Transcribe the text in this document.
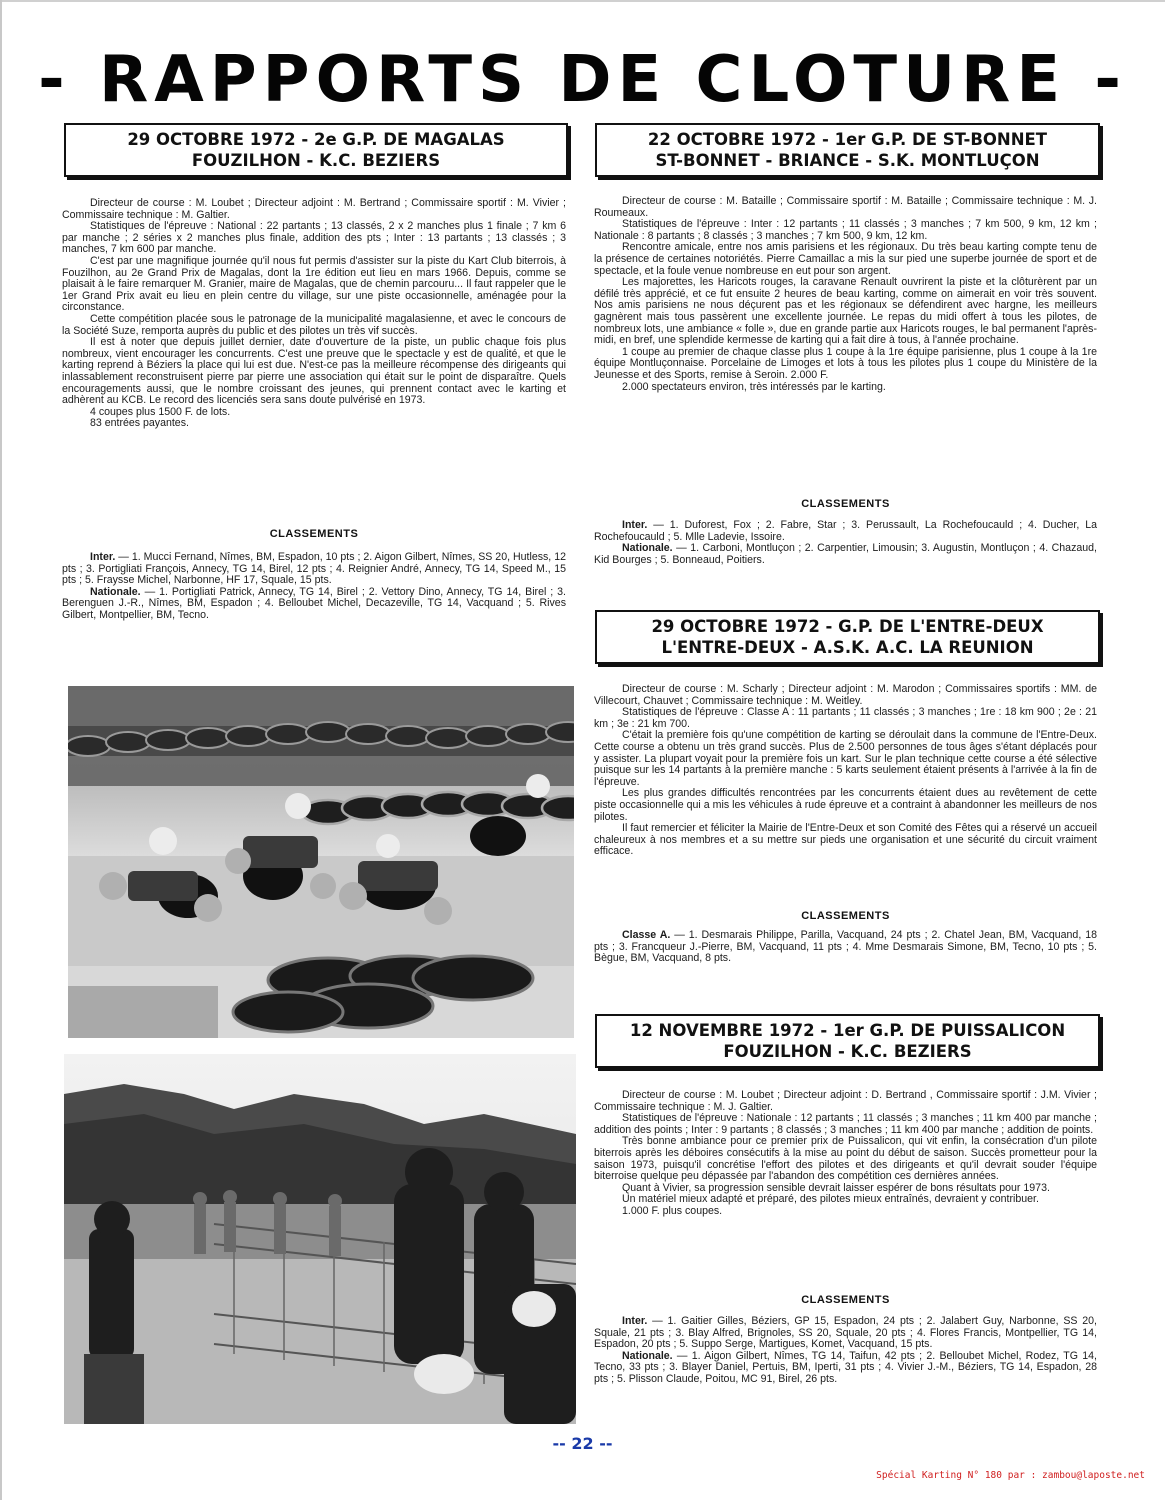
- RAPPORTS DE CLOTURE -
29 OCTOBRE 1972 - 2e G.P. DE MAGALAS
FOUZILHON - K.C. BEZIERS

Directeur de course : M. Loubet ; Directeur adjoint : M. Bertrand ; Commissaire sportif : M. Vivier ; Commissaire technique : M. Galtier.

Statistiques de l'épreuve : National : 22 partants ; 13 classés, 2 x 2 manches plus 1 finale ; 7 km 6 par manche ; 2 séries x 2 manches plus finale, addition des pts ; Inter : 13 partants ; 13 classés ; 3 manches, 7 km 600 par manche.

C'est par une magnifique journée qu'il nous fut permis d'assister sur la piste du Kart Club biterrois, à Fouzilhon, au 2e Grand Prix de Magalas, dont la 1re édition eut lieu en mars 1966. Depuis, comme se plaisait à le faire remarquer M. Granier, maire de Magalas, que de chemin parcouru... Il faut rappeler que le 1er Grand Prix avait eu lieu en plein centre du village, sur une piste occasionnelle, aménagée pour la circonstance.

Cette compétition placée sous le patronage de la municipalité magalasienne, et avec le concours de la Société Suze, remporta auprès du public et des pilotes un très vif succès.

Il est à noter que depuis juillet dernier, date d'ouverture de la piste, un public chaque fois plus nombreux, vient encourager les concurrents. C'est une preuve que le spectacle y est de qualité, et que le karting reprend à Béziers la place qui lui est due. N'est-ce pas la meilleure récompense des dirigeants qui inlassablement reconstruisent pierre par pierre une association qui était sur le point de disparaître. Quels encouragements aussi, que le nombre croissant des jeunes, qui prennent contact avec le karting et adhèrent au KCB. Le record des licenciés sera sans doute pulvérisé en 1973.

4 coupes plus 1500 F. de lots.

83 entrées payantes.

CLASSEMENTS

Inter. — 1. Mucci Fernand, Nîmes, BM, Espadon, 10 pts ; 2. Aigon Gilbert, Nîmes, SS 20, Hutless, 12 pts ; 3. Portigliati François, Annecy, TG 14, Birel, 12 pts ; 4. Reignier André, Annecy, TG 14, Speed M., 15 pts ; 5. Fraysse Michel, Narbonne, HF 17, Squale, 15 pts.

Nationale. — 1. Portigliati Patrick, Annecy, TG 14, Birel ; 2. Vettory Dino, Annecy, TG 14, Birel ; 3. Berenguen J.-R., Nîmes, BM, Espadon ; 4. Belloubet Michel, Decazeville, TG 14, Vacquand ; 5. Rives Gilbert, Montpellier, BM, Tecno.

22 OCTOBRE 1972 - 1er G.P. DE ST-BONNET
ST-BONNET - BRIANCE - S.K. MONTLUÇON

Directeur de course : M. Bataille ; Commissaire sportif : M. Bataille ; Commissaire technique : M. J. Roumeaux.

Statistiques de l'épreuve : Inter : 12 partants ; 11 classés ; 3 manches ; 7 km 500, 9 km, 12 km ; Nationale : 8 partants ; 8 classés ; 3 manches ; 7 km 500, 9 km, 12 km.

Rencontre amicale, entre nos amis parisiens et les régionaux. Du très beau karting compte tenu de la présence de certaines notoriétés. Pierre Camaillac a mis la sur pied une superbe journée de sport et de spectacle, et la foule venue nombreuse en eut pour son argent.

Les majorettes, les Haricots rouges, la caravane Renault ouvrirent la piste et la clôturèrent par un défilé très apprécié, et ce fut ensuite 2 heures de beau karting, comme on aimerait en voir très souvent. Nos amis parisiens ne nous déçurent pas et les régionaux se défendirent avec hargne, les meilleurs gagnèrent mais tous passèrent une excellente journée. Le repas du midi offert à tous les pilotes, de nombreux lots, une ambiance « folle », due en grande partie aux Haricots rouges, le bal permanent l'après-midi, en bref, une splendide kermesse de karting qui a fait dire à tous, à l'année prochaine.

1 coupe au premier de chaque classe plus 1 coupe à la 1re équipe parisienne, plus 1 coupe à la 1re équipe Montluçonnaise. Porcelaine de Limoges et lots à tous les pilotes plus 1 coupe du Ministère de la Jeunesse et des Sports, remise à Seroin. 2.000 F.

2.000 spectateurs environ, très intéressés par le karting.

CLASSEMENTS

Inter. — 1. Duforest, Fox ; 2. Fabre, Star ; 3. Perussault, La Rochefoucauld ; 4. Ducher, La Rochefoucauld ; 5. Mlle Ladevie, Issoire.

Nationale. — 1. Carboni, Montluçon ; 2. Carpentier, Limousin; 3. Augustin, Montluçon ; 4. Chazaud, Kid Bourges ; 5. Bonneaud, Poitiers.

29 OCTOBRE 1972 - G.P. DE L'ENTRE-DEUX
L'ENTRE-DEUX - A.S.K. A.C. LA REUNION

Directeur de course : M. Scharly ; Directeur adjoint : M. Marodon ; Commissaires sportifs : MM. de Villecourt, Chauvet ; Commissaire technique : M. Weitley.

Statistiques de l'épreuve : Classe A : 11 partants ; 11 classés ; 3 manches ; 1re : 18 km 900 ; 2e : 21 km ; 3e : 21 km 700.

C'était la première fois qu'une compétition de karting se déroulait dans la commune de l'Entre-Deux. Cette course a obtenu un très grand succès. Plus de 2.500 personnes de tous âges s'étant déplacés pour y assister. La plupart voyait pour la première fois un kart. Sur le plan technique cette course a été sélective puisque sur les 14 partants à la première manche : 5 karts seulement étaient présents à l'arrivée à la fin de l'épreuve.

Les plus grandes difficultés rencontrées par les concurrents étaient dues au revêtement de cette piste occasionnelle qui a mis les véhicules à rude épreuve et a contraint à abandonner les meilleurs de nos pilotes.

Il faut remercier et féliciter la Mairie de l'Entre-Deux et son Comité des Fêtes qui a réservé un accueil chaleureux à nos membres et a su mettre sur pieds une organisation et une sécurité du circuit vraiment efficace.

CLASSEMENTS

Classe A. — 1. Desmarais Philippe, Parilla, Vacquand, 24 pts ; 2. Chatel Jean, BM, Vacquand, 18 pts ; 3. Francqueur J.-Pierre, BM, Vacquand, 11 pts ; 4. Mme Desmarais Simone, BM, Tecno, 10 pts ; 5. Bègue, BM, Vacquand, 8 pts.

12 NOVEMBRE 1972 - 1er G.P. DE PUISSALICON
FOUZILHON - K.C. BEZIERS

Directeur de course : M. Loubet ; Directeur adjoint : D. Bertrand , Commissaire sportif : J.M. Vivier ; Commissaire technique : M. J. Galtier.

Statistiques de l'épreuve : Nationale : 12 partants ; 11 classés ; 3 manches ; 11 km 400 par manche ; addition des points ; Inter : 9 partants ; 8 classés ; 3 manches ; 11 km 400 par manche ; addition de points.

Très bonne ambiance pour ce premier prix de Puissalicon, qui vit enfin, la consécration d'un pilote biterrois après les déboires consécutifs à la mise au point du début de saison. Succès prometteur pour la saison 1973, puisqu'il concrétise l'effort des pilotes et des dirigeants et qu'il devrait souder l'équipe biterroise quelque peu dépassée par l'abandon des compétition ces dernières années.

Quant à Vivier, sa progression sensible devrait laisser espérer de bons résultats pour 1973.

Un matériel mieux adapté et préparé, des pilotes mieux entraînés, devraient y contribuer.

1.000 F. plus coupes.

CLASSEMENTS

Inter. — 1. Gaitier Gilles, Béziers, GP 15, Espadon, 24 pts ; 2. Jalabert Guy, Narbonne, SS 20, Squale, 21 pts ; 3. Blay Alfred, Brignoles, SS 20, Squale, 20 pts ; 4. Flores Francis, Montpellier, TG 14, Espadon, 20 pts ; 5. Suppo Serge, Martigues, Komet, Vacquand, 15 pts.

Nationale. — 1. Aigon Gilbert, Nîmes, TG 14, Taifun, 42 pts ; 2. Belloubet Michel, Rodez, TG 14, Tecno, 33 pts ; 3. Blayer Daniel, Pertuis, BM, Iperti, 31 pts ; 4. Vivier J.-M., Béziers, TG 14, Espadon, 28 pts ; 5. Plisson Claude, Poitou, MC 91, Birel, 26 pts.

-- 22 --
Spécial Karting N° 180 par : zambou@laposte.net
